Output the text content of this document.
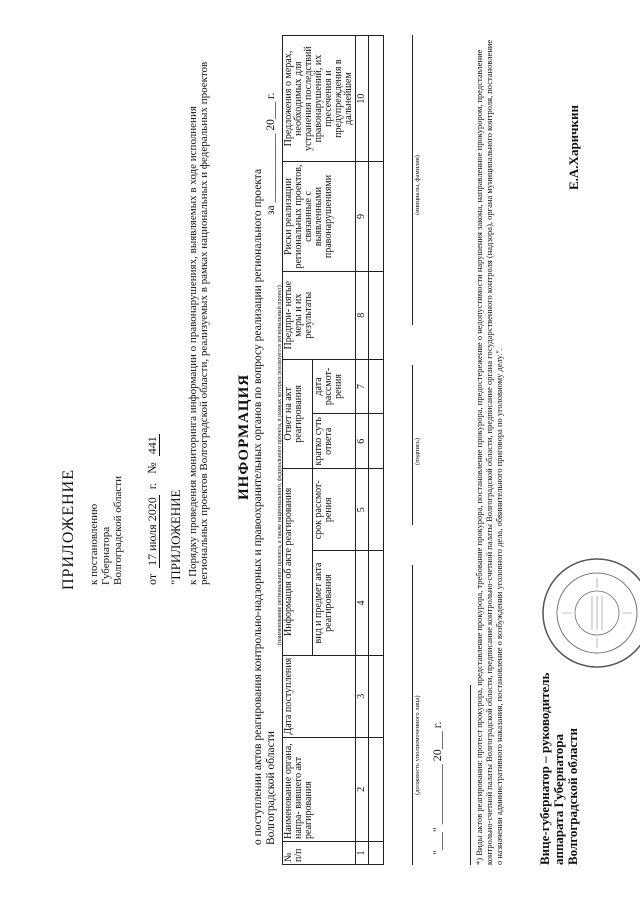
ПРИЛОЖЕНИЕ к постановлению Губернатора Волгоградской области от  17 июля 2020  г.   №  441
"ПРИЛОЖЕНИЕ к Порядку проведения мониторинга информации о правонарушениях, выявляемых в ходе исполнения региональных проектов Волгоградской области, реализуемых в рамках национальных и федеральных проектов ИНФОРМАЦИЯ о поступлении актов реагирования контрольно-надзорных и правоохранительных органов по вопросу реализации регионального проекта Волгоградской области
за ____________ 20___ г.
(наименование регионального проекта, а также национального, федерального проекта, в рамках которых реализуется региональный проект)
№ п/п	Наименование органа, напра- вившего акт реагирования	Дата поступления	Информация об акте реагирования		Ответ на акт реагирования		Предпри- нятые меры и их результаты	Риски реализации региональных проектов, связанные с выявленными правонарушениями	Предложения о мерах, необходимых для устранения последствий правонарушений, их пресечения и предупреждения в дальнейшем
			вид и предмет акта реагирования	срок рассмот- рения	кратко суть ответа	дата рассмот- рения			
1	2	3	4	5	6	7	8	9	10

(должность уполномоченного лица)
(подпись)
(инициалы, фамилия)
"___" __________ 20___ г.	*) Виды актов реагирования: протест прокурора, представление прокурора, требование прокурора, постановление прокурора, предостережение о недопустимости нарушения закона, направленное прокурором, представление контрольно-счетной палаты Волгоградской области, предписание контрольно-счетной палаты Волгоградской области, предписание органа государственного контроля (надзора), органа муниципального контроля, постановление о назначении административного наказания, постановление о возбуждении уголовного дела, обвинительного приговора по уголовному делу.".	Вице-губернатор – руководитель аппарата Губернатора Волгоградской области
Е.А.Харичкин
